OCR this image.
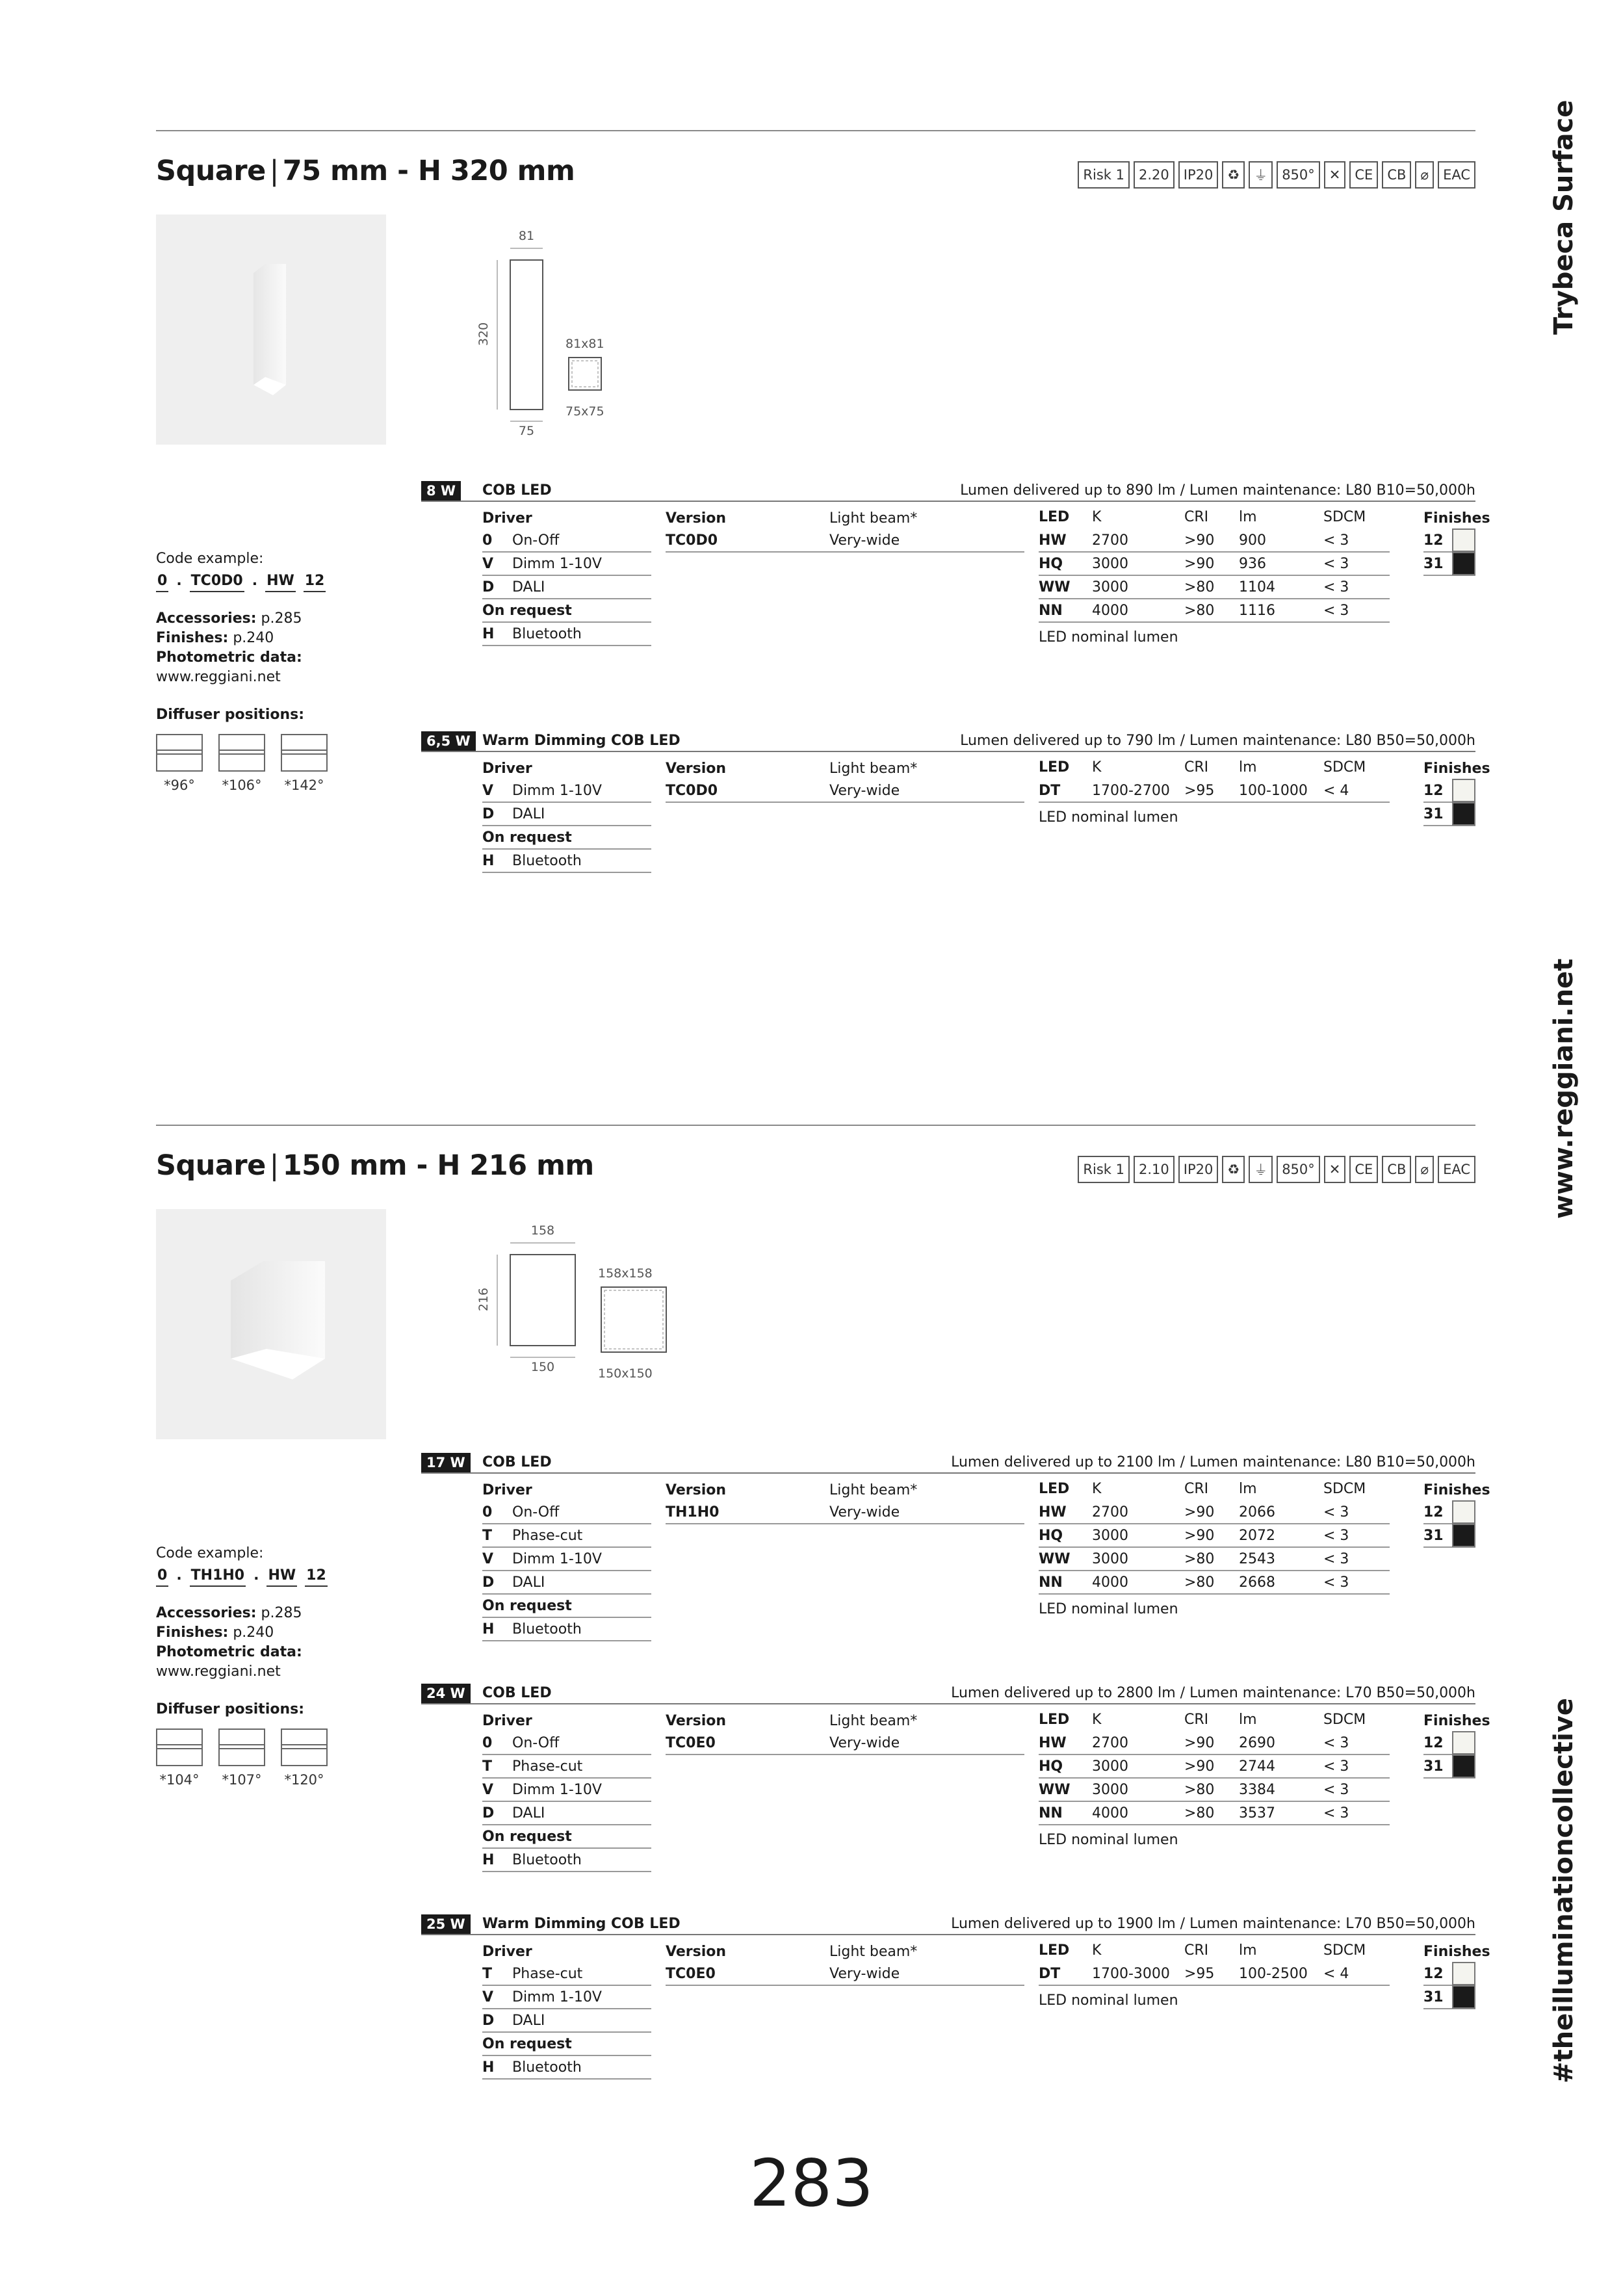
Trybeca Surface
www.reggiani.net
#theilluminationcollective
283
Square | 75 mm - H 320 mm	Risk 1	2.20	IP20	♻	⏚	850°	✕	CE	CB	⌀	EAC
81
320
75
81x81
75x75
Code example:
0 . TC0D0 . HW 12
Accessories: p.285
Finishes: p.240
Photometric data:
www.reggiani.net
Diffuser positions:
*96°	*106° *142°
8 W	COB LED	Lumen delivered up to 890 lm / Lumen maintenance: L80 B10=50,000h
Driver
0 On-Off
V Dimm 1-10V
D DALI
On request
H Bluetooth
Version
TC0D0
Light beam*
Very-wide
LED	K	CRI	lm	SDCM
HW	2700	>90	900	< 3
HQ	3000	>90	936	< 3
WW	3000	>80	1104	< 3
NN	4000	>80	1116	< 3
LED nominal lumen
Finishes
12
31
6,5 W Warm Dimming COB LED	Lumen delivered up to 790 lm / Lumen maintenance: L80 B50=50,000h
Driver
V Dimm 1-10V
D DALI
On request
H Bluetooth
Version
TC0D0
Light beam*
Very-wide
LED	K	CRI	lm	SDCM
DT	1700-2700	>95	100-1000	< 4
LED nominal lumen
Finishes
12
31
Square | 150 mm - H 216 mm	Risk 1	2.10	IP20	♻	⏚	850°	✕	CE	CB	⌀	EAC
158
216
150
158x158
150x150
Code example:
0 . TH1H0 . HW 12
Accessories: p.285
Finishes: p.240
Photometric data:
www.reggiani.net
Diffuser positions:
*104° *107° *120°
17 W	COB LED	Lumen delivered up to 2100 lm / Lumen maintenance: L80 B10=50,000h
Driver
0 On-Off
T Phase-cut
V Dimm 1-10V
D DALI
On request
H Bluetooth
Version
TH1H0
Light beam*
Very-wide
LED	K	CRI	lm	SDCM
HW	2700	>90	2066	< 3
HQ	3000	>90	2072	< 3
WW	3000	>80	2543	< 3
NN	4000	>80	2668	< 3
LED nominal lumen
Finishes
12
31
24 W	COB LED	Lumen delivered up to 2800 lm / Lumen maintenance: L70 B50=50,000h
Driver
0 On-Off
T Phase-cut
V Dimm 1-10V
D DALI
On request
H Bluetooth
Version
TC0E0
Light beam*
Very-wide
LED	K	CRI	lm	SDCM
HW	2700	>90	2690	< 3
HQ	3000	>90	2744	< 3
WW	3000	>80	3384	< 3
NN	4000	>80	3537	< 3
LED nominal lumen
Finishes
12
31
25 W	Warm Dimming COB LED	Lumen delivered up to 1900 lm / Lumen maintenance: L70 B50=50,000h
Driver
T Phase-cut
V Dimm 1-10V
D DALI
On request
H Bluetooth
Version
TC0E0
Light beam*
Very-wide
LED	K	CRI	lm	SDCM
DT	1700-3000	>95	100-2500	< 4
LED nominal lumen
Finishes
12
31
